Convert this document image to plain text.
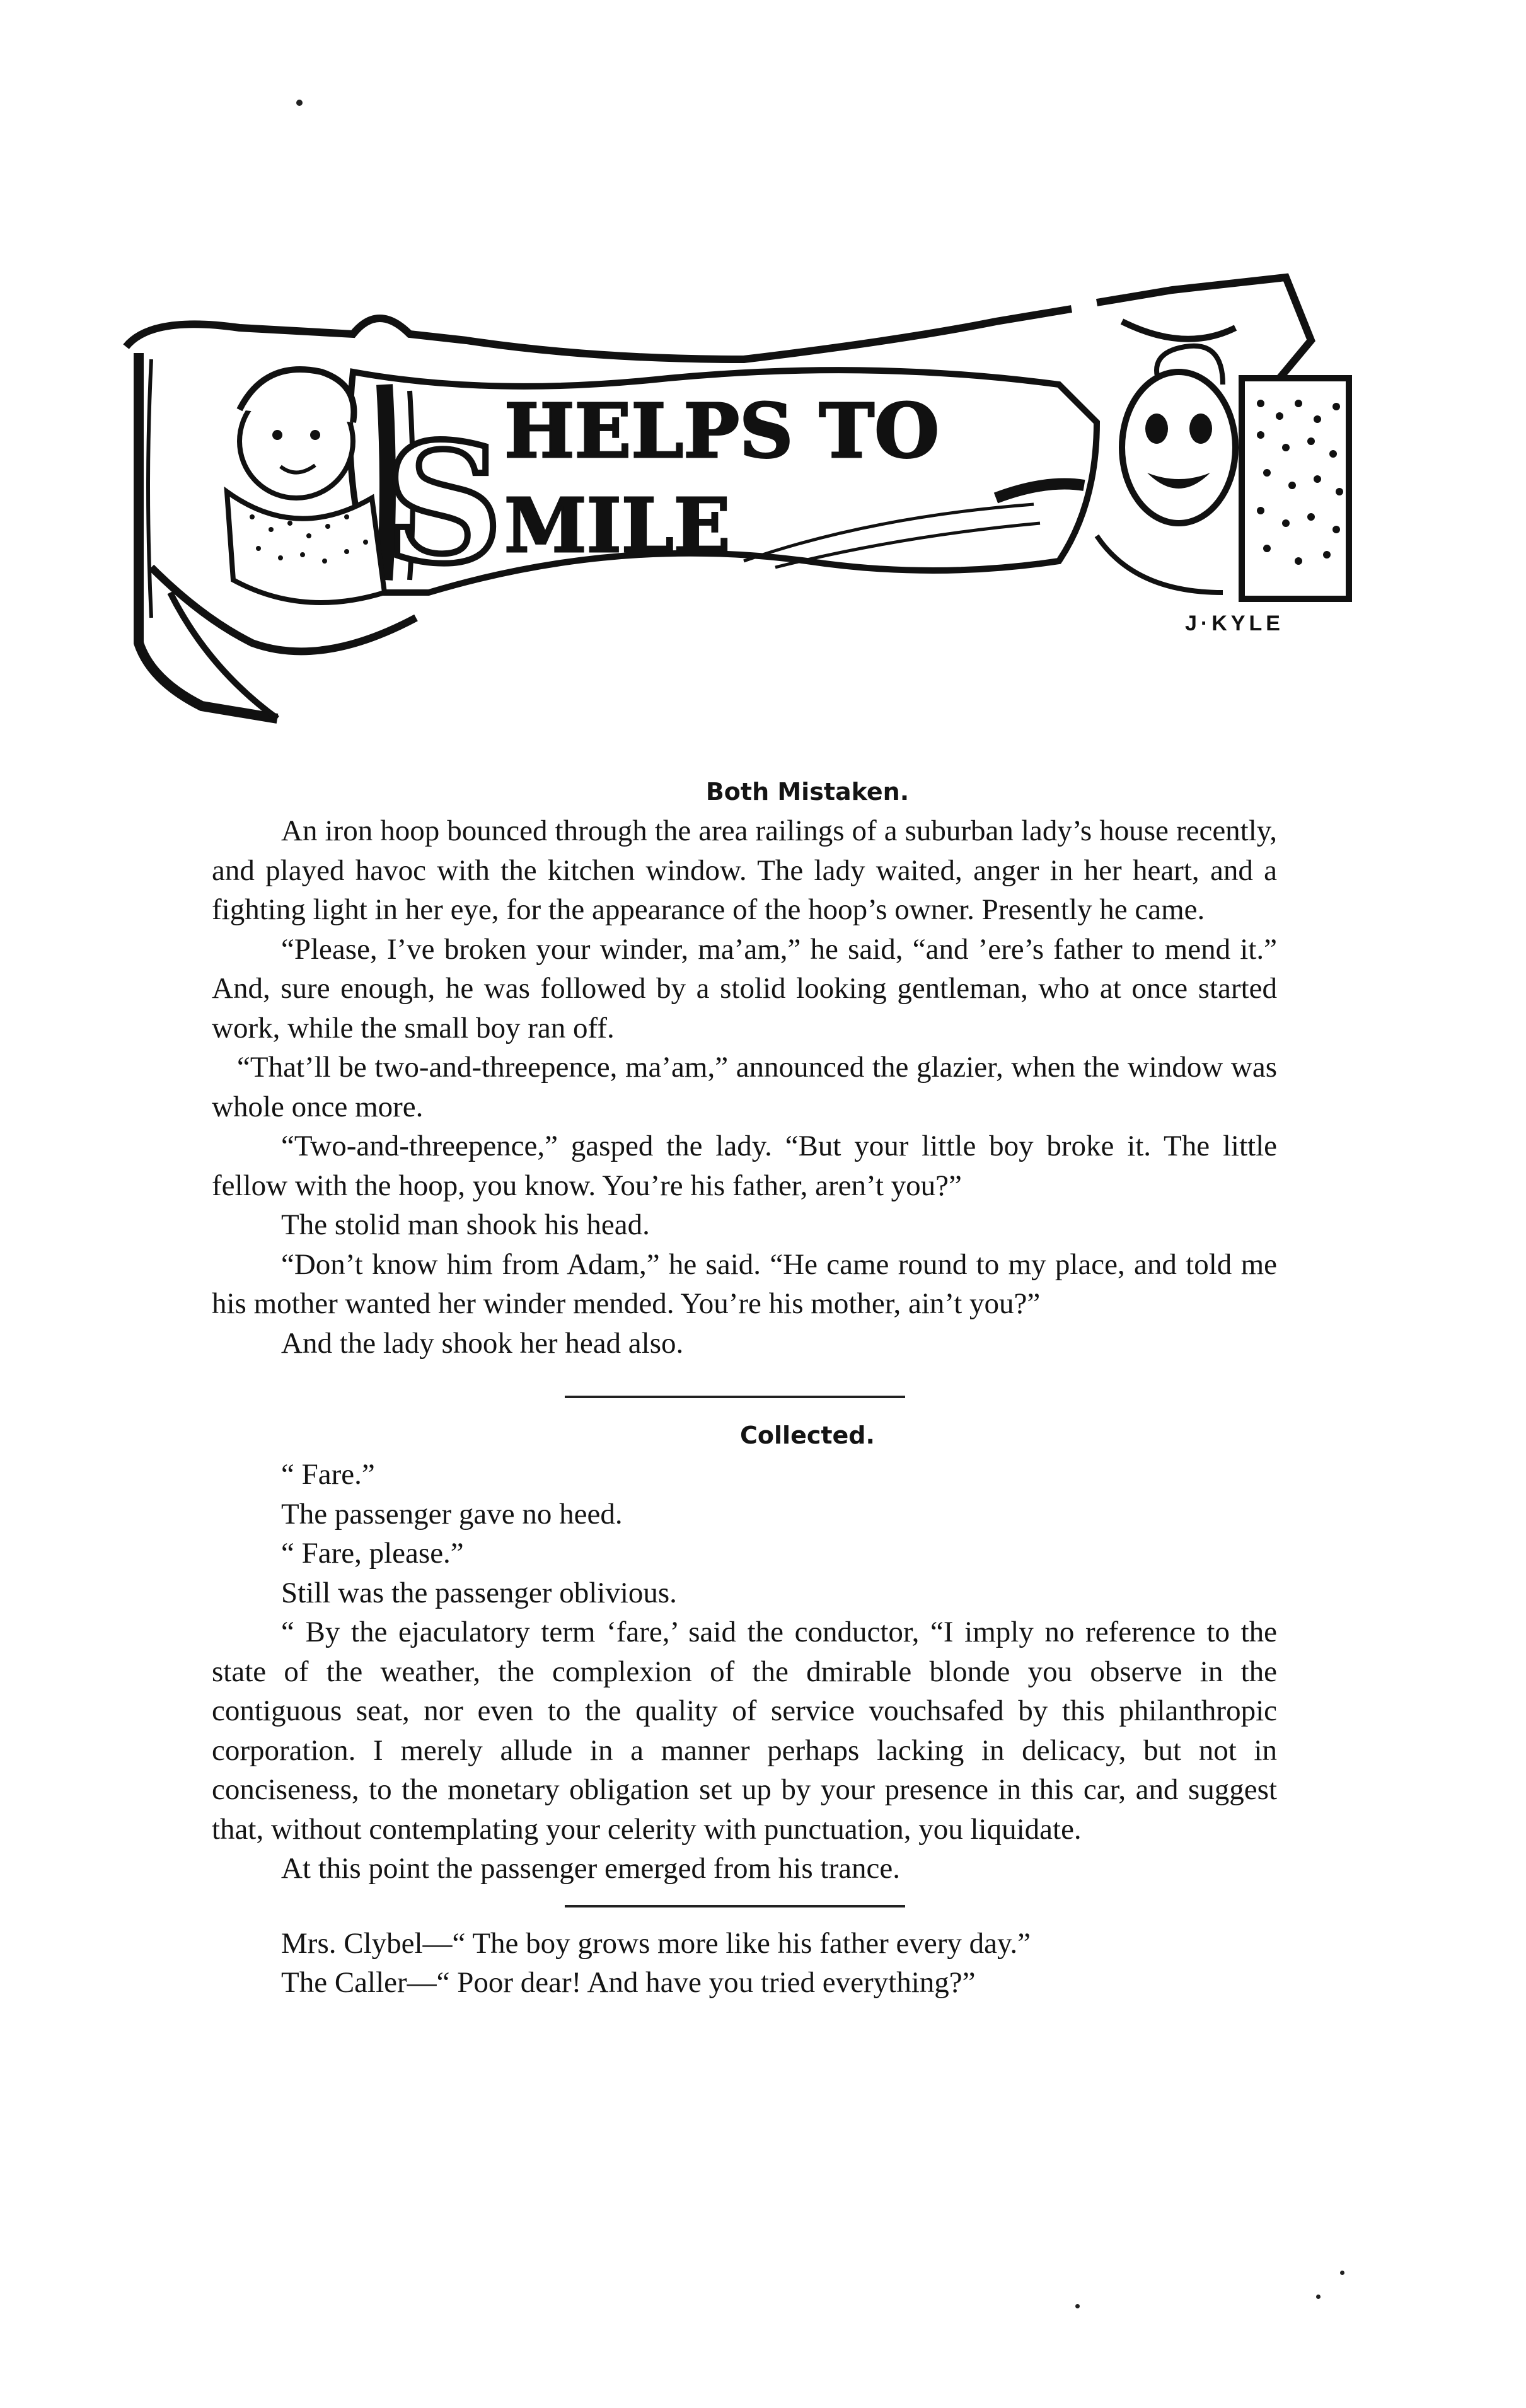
S HELPS TO
MILE
J·KYLE
Both Mistaken.

An iron hoop bounced through the area railings of a suburban lady’s house recently, and played havoc with the kitchen window. The lady waited, anger in her heart, and a fighting light in her eye, for the appearance of the hoop’s owner. Presently he came.

“Please, I’ve broken your winder, ma’am,” he said, “and ’ere’s father to mend it.” And, sure enough, he was followed by a stolid looking gentleman, who at once started work, while the small boy ran off.

“That’ll be two-and-threepence, ma’am,” announced the glazier, when the window was whole once more.

“Two-and-threepence,” gasped the lady. “But your little boy broke it. The little fellow with the hoop, you know. You’re his father, aren’t you?”

The stolid man shook his head.

“Don’t know him from Adam,” he said. “He came round to my place, and told me his mother wanted her winder mended. You’re his mother, ain’t you?”

And the lady shook her head also.

Collected.

“ Fare.”

The passenger gave no heed.

“ Fare, please.”

Still was the passenger oblivious.

“ By the ejaculatory term ‘fare,’ said the conductor, “I imply no reference to the state of the weather, the complexion of the dmirable blonde you observe in the contiguous seat, nor even to the quality of service vouchsafed by this philanthropic corporation. I merely allude in a manner perhaps lacking in delicacy, but not in conciseness, to the monetary obligation set up by your presence in this car, and suggest that, without contemplating your celerity with punctuation, you liquidate.

At this point the passenger emerged from his trance.

Mrs. Clybel—“ The boy grows more like his father every day.”

The Caller—“ Poor dear! And have you tried everything?”
